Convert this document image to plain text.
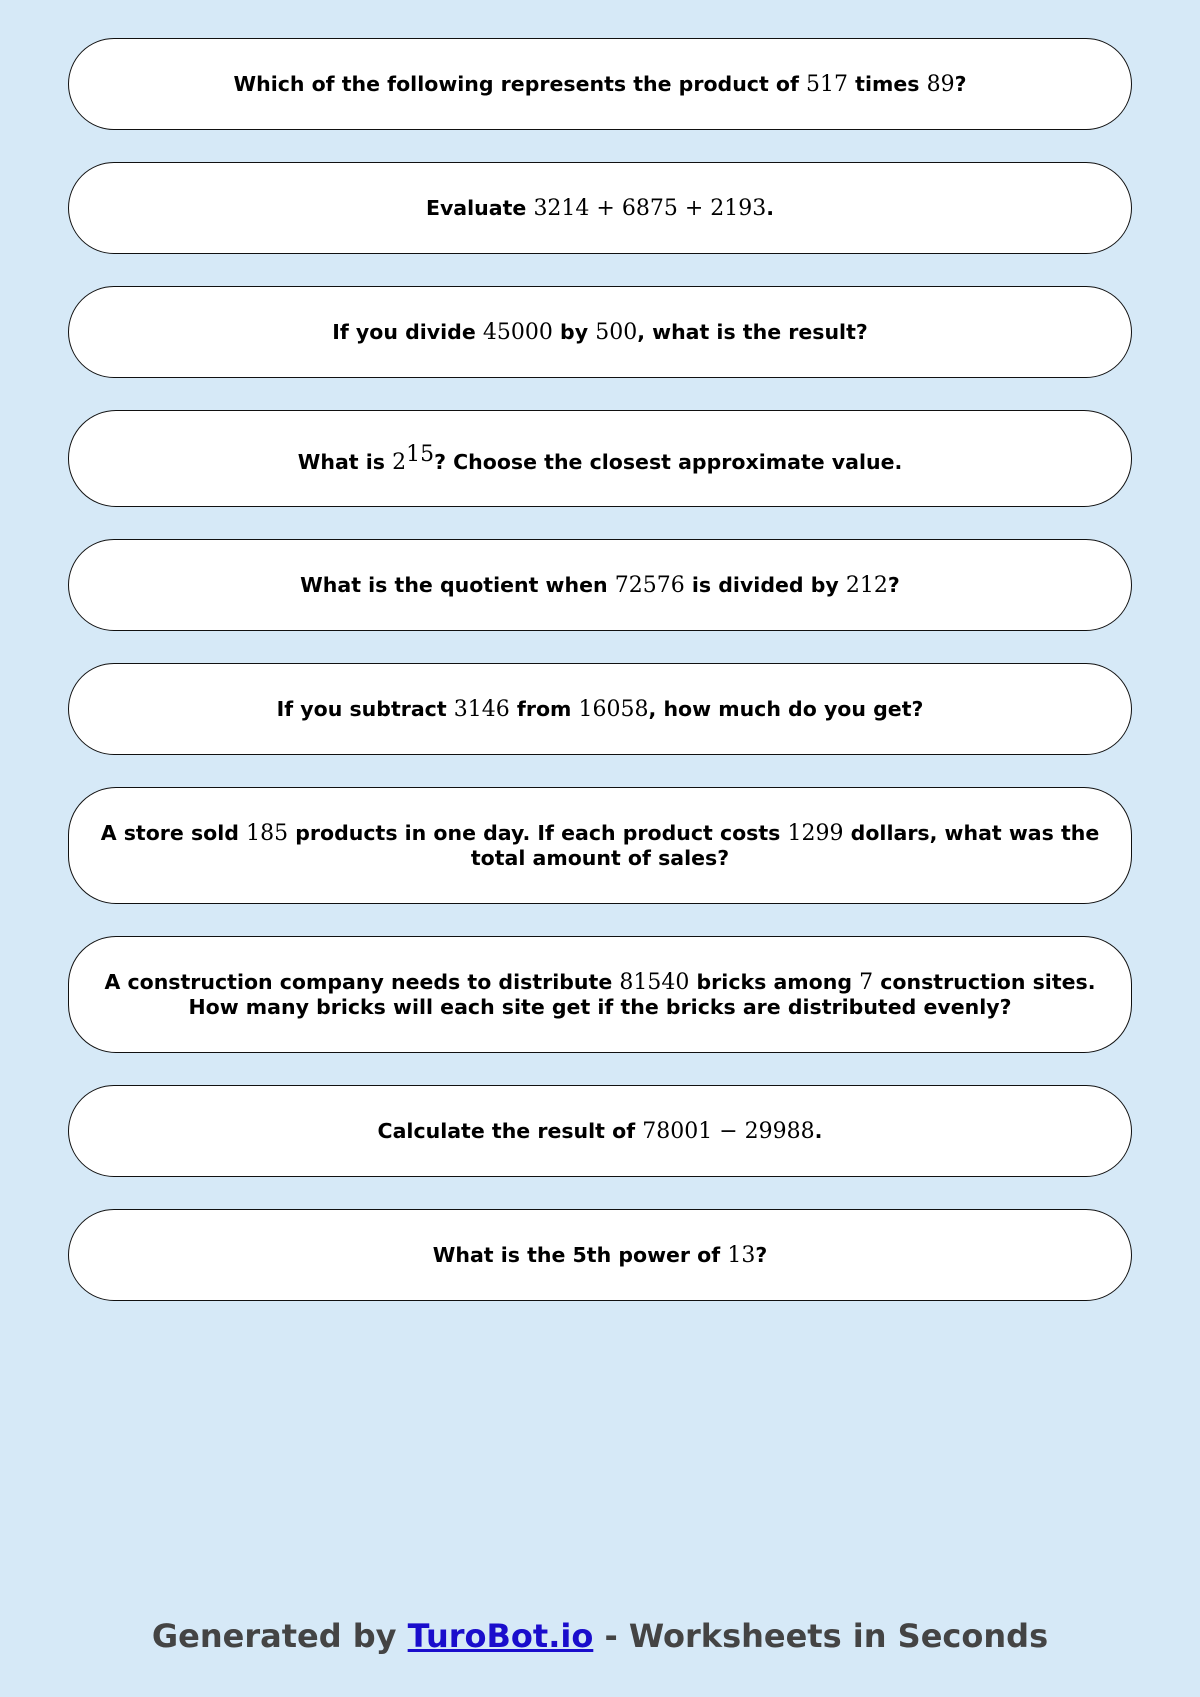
Which of the following represents the product of 517 times 89?
Evaluate 3214 + 6875 + 2193.
If you divide 45000 by 500, what is the result?
What is $2^{15}$? Choose the closest approximate value.
What is the quotient when 72576 is divided by 212?
If you subtract 3146 from 16058, how much do you get?
A store sold 185 products in one day. If each product costs 1299 dollars, what was the total amount of sales?
A construction company needs to distribute 81540 bricks among 7 construction sites. How many bricks will each site get if the bricks are distributed evenly?
Calculate the result of 78001 − 29988.
What is the 5th power of 13?
Generated by TuroBot.io - Worksheets in Seconds
